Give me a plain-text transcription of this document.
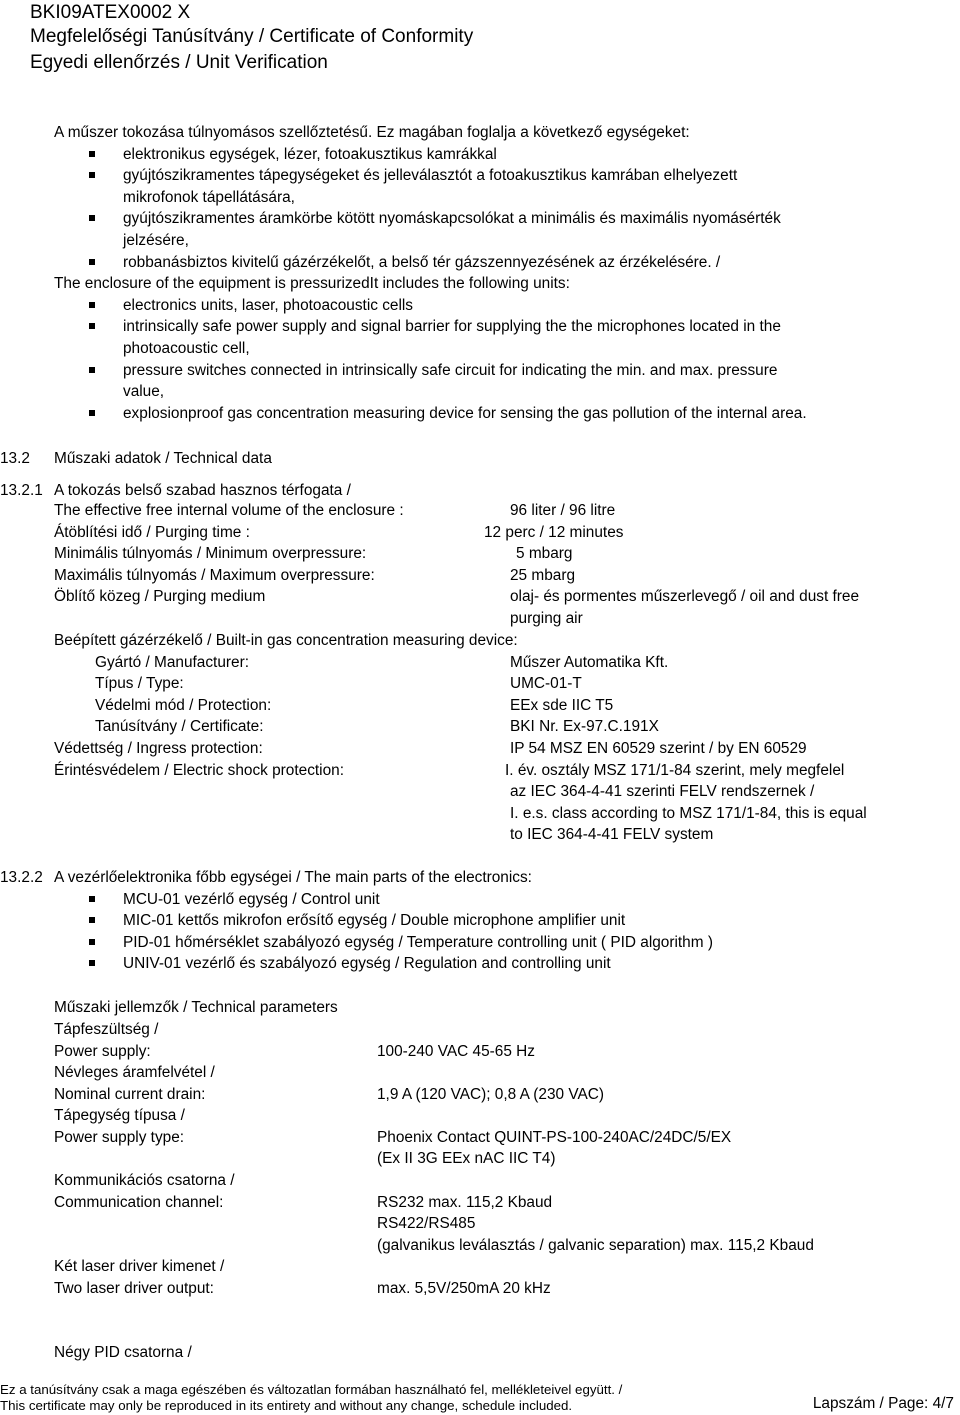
BKI09ATEX0002 X
Megfelelőségi Tanúsítvány / Certificate of Conformity
Egyedi ellenőrzés / Unit Verification
A műszer tokozása túlnyomásos szellőztetésű. Ez magában foglalja a következő egységeket:
elektronikus egységek, lézer, fotoakusztikus kamrákkal
gyújtószikramentes tápegységeket és jelleválasztót a fotoakusztikus kamrában elhelyezett
mikrofonok tápellátására,
gyújtószikramentes áramkörbe kötött nyomáskapcsolókat a minimális és maximális nyomásérték
jelzésére,
robbanásbiztos kivitelű gázérzékelőt, a belső tér gázszennyezésének az érzékelésére. /
The enclosure of the equipment is pressurizedIt includes the following units:
electronics units, laser, photoacoustic cells
intrinsically safe power supply and signal barrier for supplying the the microphones located in the
photoacoustic cell,
pressure switches connected in intrinsically safe circuit for indicating the min. and max. pressure
value,
explosionproof gas concentration measuring device for sensing the gas pollution of the internal area.
13.2 Műszaki adatok / Technical data
13.2.1 A tokozás belső szabad hasznos térfogata /
The effective free internal volume of the enclosure :	96 liter / 96 litre
Átöblítési idő / Purging time :	12 perc / 12 minutes
Minimális túlnyomás / Minimum overpressure:	5 mbarg
Maximális túlnyomás / Maximum overpressure:	25 mbarg
Öblítő közeg / Purging medium	olaj- és pormentes műszerlevegő / oil and dust free
purging air
Beépített gázérzékelő / Built-in gas concentration measuring device:
Gyártó / Manufacturer:	Műszer Automatika Kft.
Típus / Type:	UMC-01-T
Védelmi mód / Protection:	EEx sde IIC T5
Tanúsítvány / Certificate:	BKI Nr. Ex-97.C.191X
Védettség / Ingress protection:	IP 54 MSZ EN 60529 szerint / by EN 60529
Érintésvédelem / Electric shock protection:	I. év. osztály MSZ 171/1-84 szerint, mely megfelel
az IEC 364-4-41 szerinti FELV rendszernek /
I. e.s. class according to MSZ 171/1-84, this is equal
to IEC 364-4-41 FELV system
13.2.2 A vezérlőelektronika főbb egységei / The main parts of the electronics:
MCU-01 vezérlő egység / Control unit
MIC-01 kettős mikrofon erősítő egység / Double microphone amplifier unit
PID-01 hőmérséklet szabályozó egység / Temperature controlling unit ( PID algorithm )
UNIV-01 vezérlő és szabályozó egység / Regulation and controlling unit
Műszaki jellemzők / Technical parameters
Tápfeszültség /
Power supply:	100-240 VAC 45-65 Hz
Névleges áramfelvétel /
Nominal current drain:	1,9 A (120 VAC); 0,8 A (230 VAC)
Tápegység típusa /
Power supply type:	Phoenix Contact QUINT-PS-100-240AC/24DC/5/EX
(Ex II 3G EEx nAC IIC T4)
Kommunikációs csatorna /
Communication channel:	RS232 max. 115,2 Kbaud
RS422/RS485
(galvanikus leválasztás / galvanic separation) max. 115,2 Kbaud
Két laser driver kimenet /
Two laser driver output:	max. 5,5V/250mA 20 kHz
Négy PID csatorna /
Ez a tanúsítvány csak a maga egészében és változatlan formában használható fel, mellékleteivel együtt. /
This certificate may only be reproduced in its entirety and without any change, schedule included.	Lapszám / Page: 4/7
